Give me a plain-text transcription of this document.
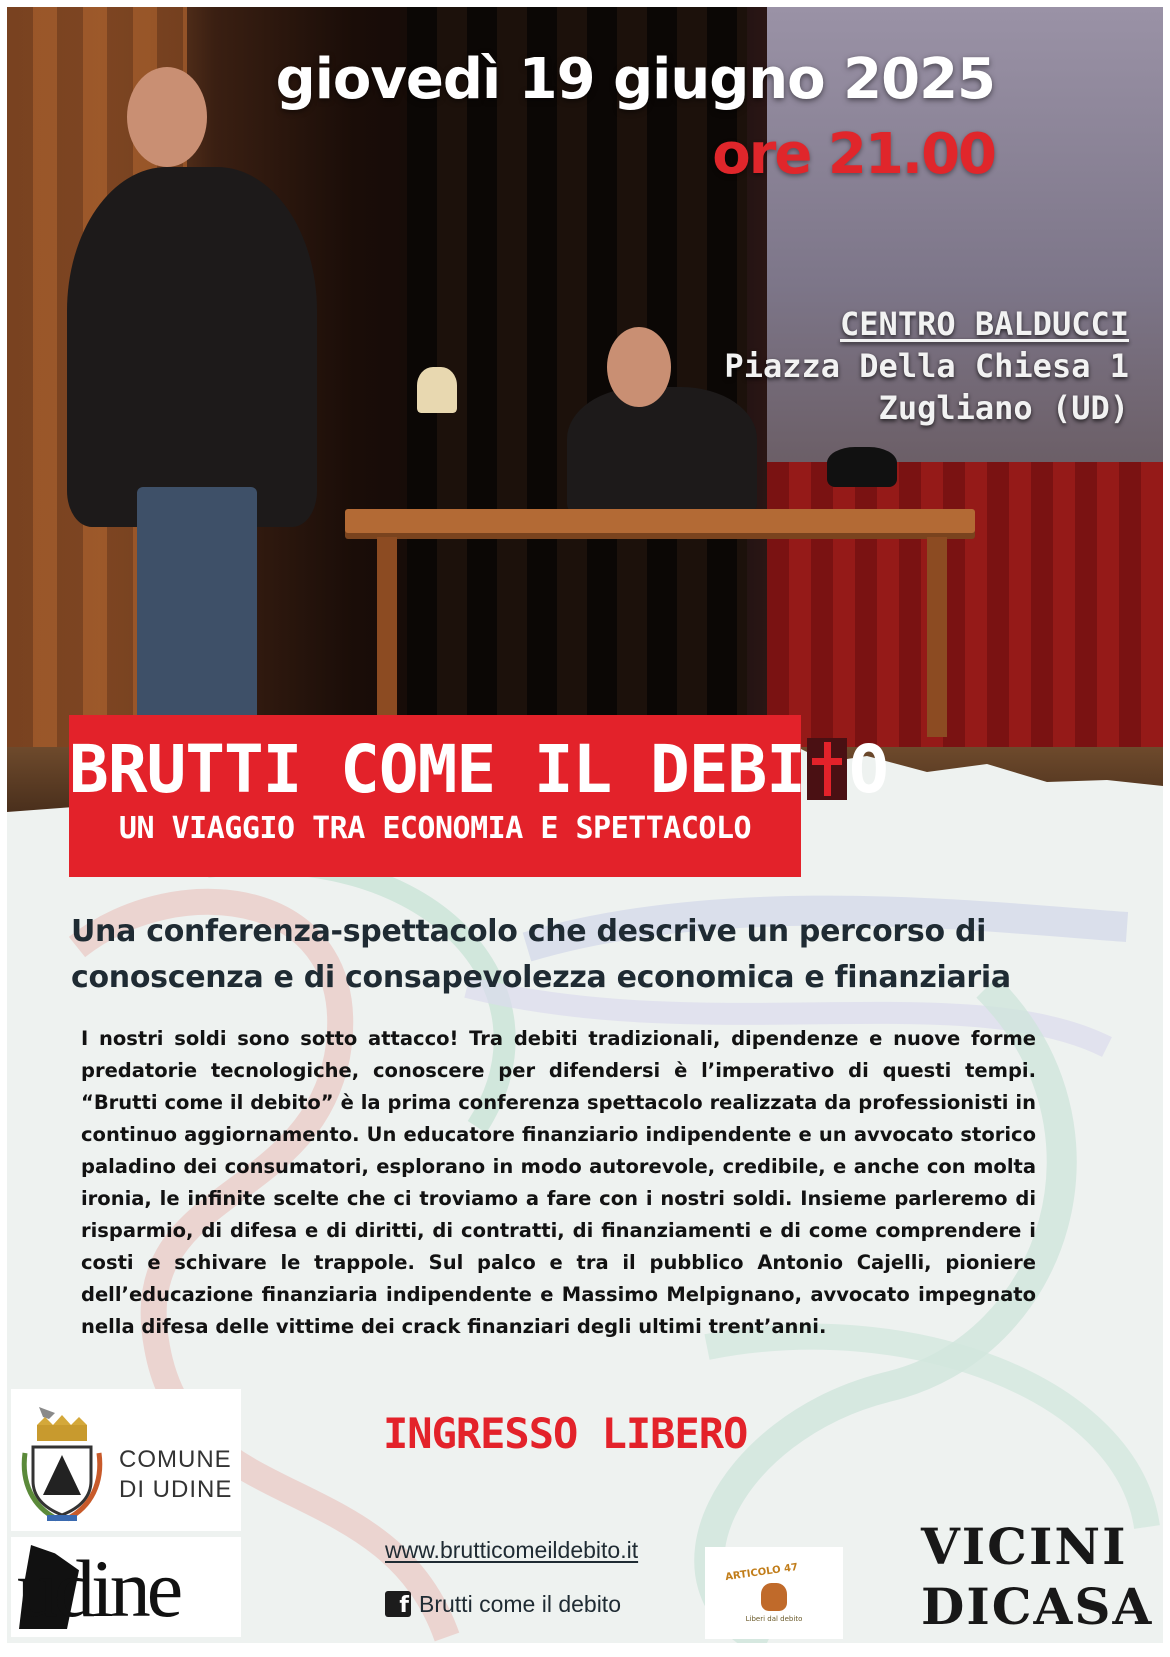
giovedì 19 giugno 2025
ore 21.00
CENTRO BALDUCCI
Piazza Della Chiesa 1
Zugliano (UD)
BRUTTI COME IL DEBI O
UN VIAGGIO TRA ECONOMIA E SPETTACOLO
Una conferenza-spettacolo che descrive un percorso di
conoscenza e di consapevolezza economica e finanziaria
I nostri soldi sono sotto attacco! Tra debiti tradizionali, dipendenze e nuove forme predatorie tecnologiche, conoscere per difendersi è l’imperativo di questi tempi. “Brutti come il debito” è la prima conferenza spettacolo realizzata da professionisti in continuo aggiornamento. Un educatore finanziario indipendente e un avvocato storico paladino dei consumatori, esplorano in modo autorevole, credibile, e anche con molta ironia, le infinite scelte che ci troviamo a fare con i nostri soldi. Insieme parleremo di risparmio, di difesa e di diritti, di contratti, di finanziamenti e di come comprendere i costi e schivare le trappole. Sul palco e tra il pubblico Antonio Cajelli, pioniere dell’educazione finanziaria indipendente e Massimo Melpignano, avvocato impegnato nella difesa delle vittime dei crack finanziari degli ultimi trent’anni.
INGRESSO LIBERO
COMUNE
DI UDINE
udine	www.brutticomeildebito.it
f Brutti come il debito
ARTICOLO 47
Liberi dal debito
VICINI
DICASA
